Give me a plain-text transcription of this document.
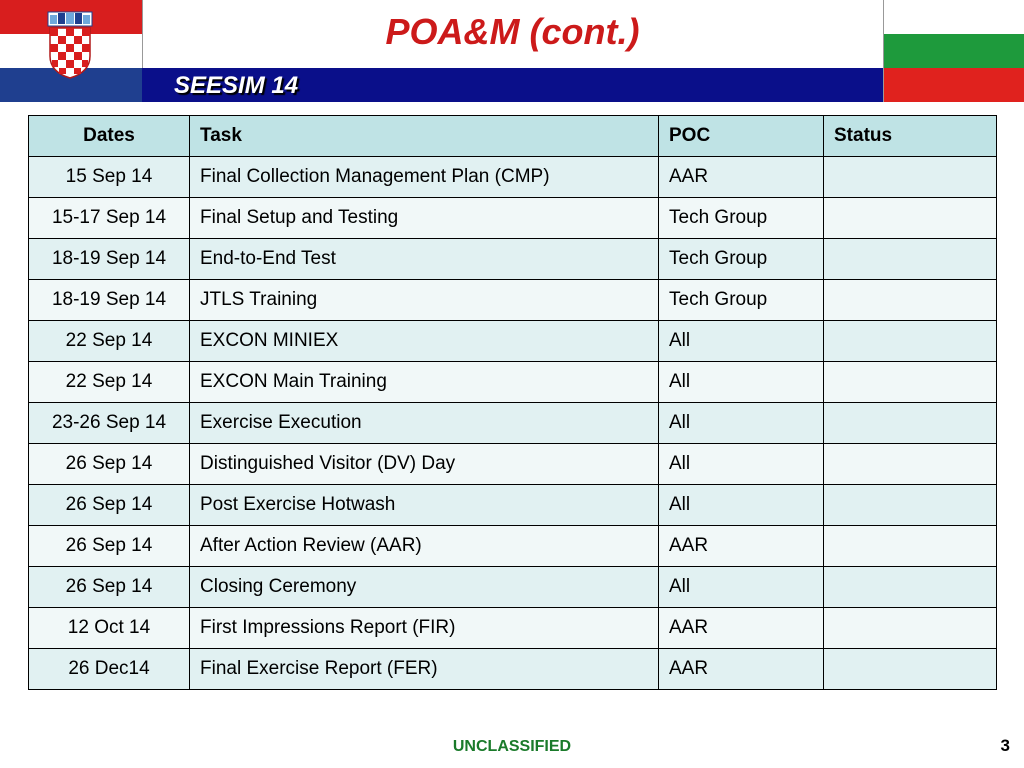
POA&M (cont.)
SEESIM 14
Dates	Task	POC	Status
15 Sep 14	Final Collection Management Plan (CMP)	AAR	
15-17 Sep 14	Final Setup and Testing	Tech Group	
18-19 Sep 14	End-to-End Test	Tech Group	
18-19 Sep 14	JTLS Training	Tech Group	
22 Sep 14	EXCON MINIEX	All	
22 Sep 14	EXCON Main Training	All	
23-26 Sep 14	Exercise Execution	All	
26 Sep 14	Distinguished Visitor (DV) Day	All	
26 Sep 14	Post Exercise Hotwash	All	
26 Sep 14	After Action Review (AAR)	AAR	
26 Sep 14	Closing Ceremony	All	
12 Oct 14	First Impressions Report (FIR)	AAR	
26 Dec14	Final Exercise Report (FER)	AAR	
UNCLASSIFIED	3
